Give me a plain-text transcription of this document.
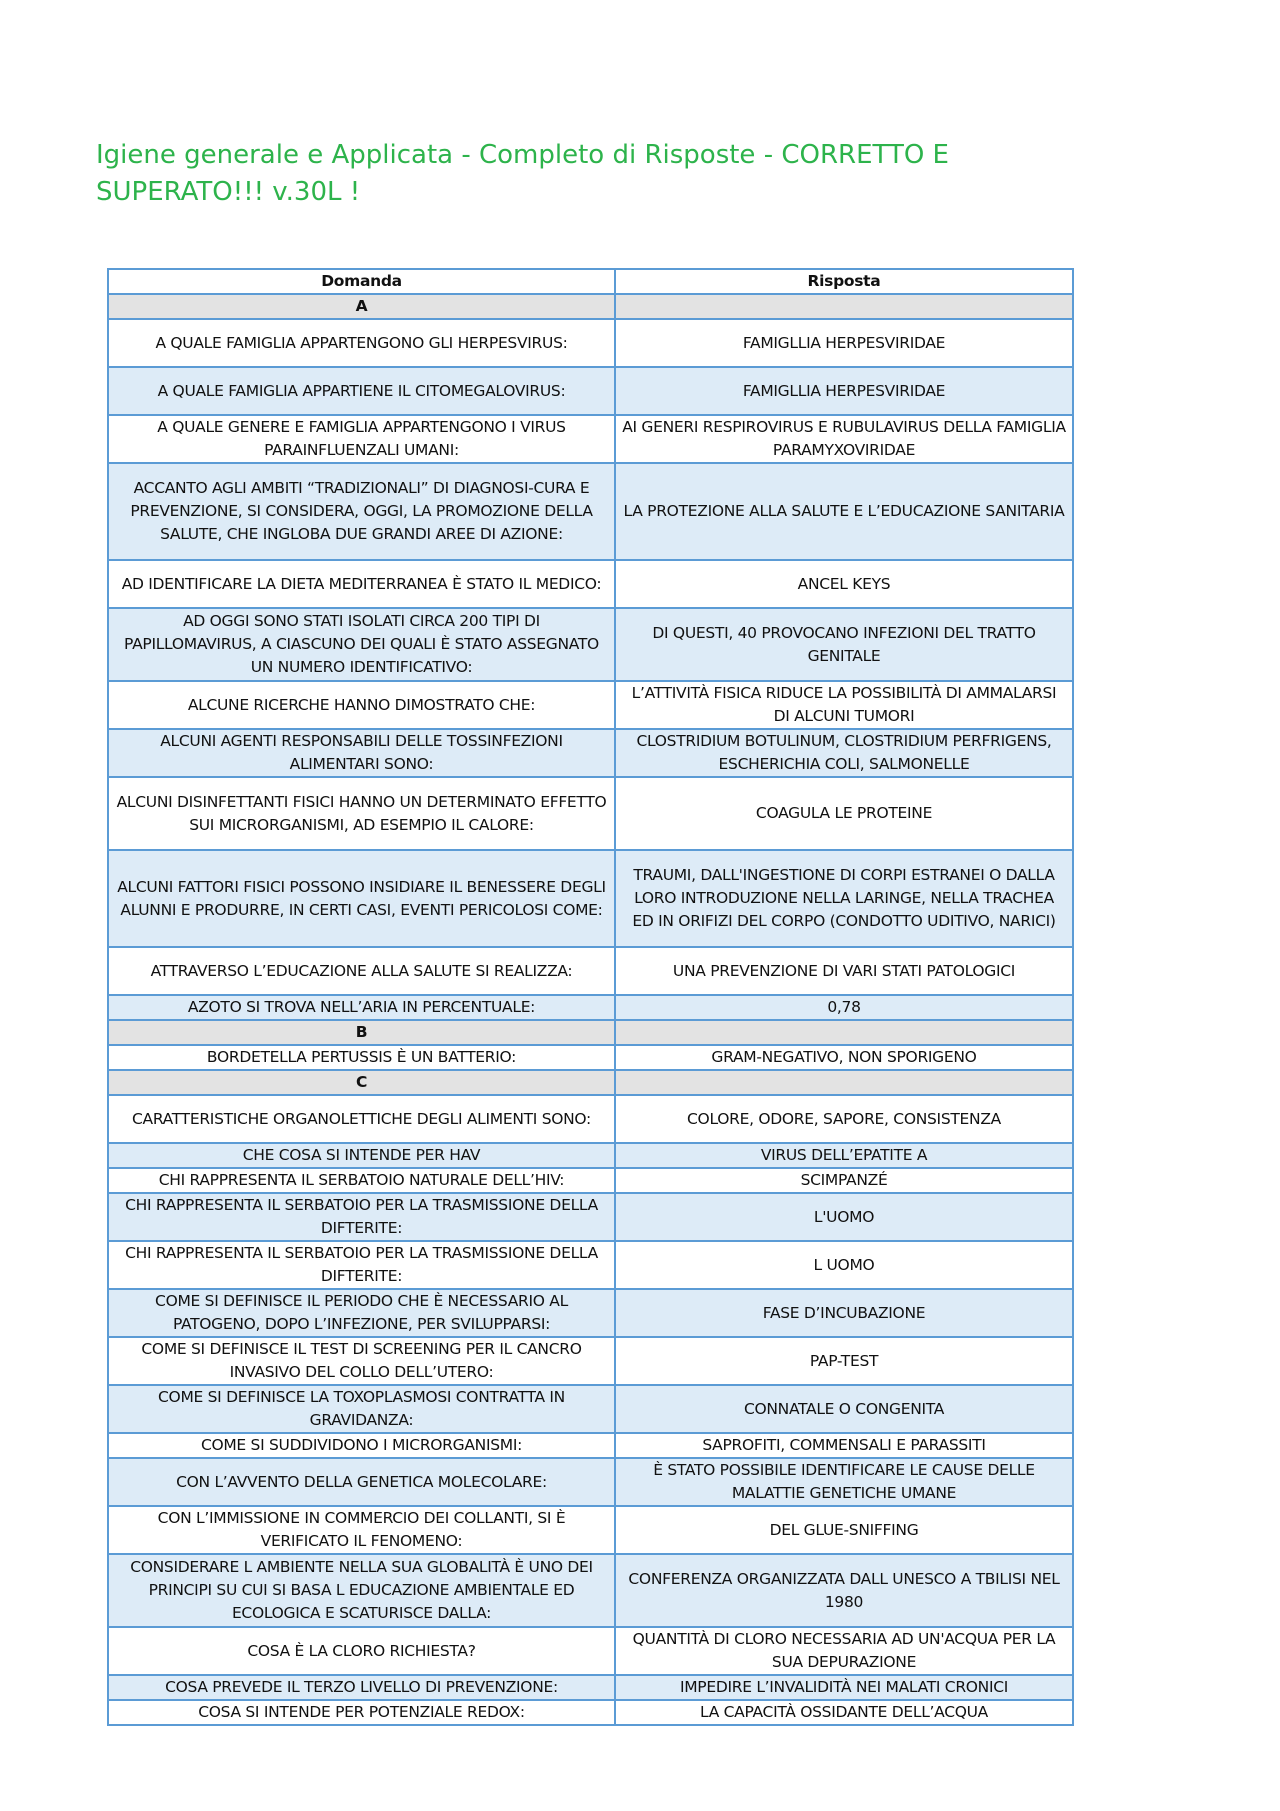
Igiene generale e Applicata - Completo di Risposte - CORRETTO E SUPERATO!!! v.30L !
Domanda	Risposta
A	
A QUALE FAMIGLIA APPARTENGONO GLI HERPESVIRUS:	FAMIGLLIA HERPESVIRIDAE
A QUALE FAMIGLIA APPARTIENE IL CITOMEGALOVIRUS:	FAMIGLLIA HERPESVIRIDAE
A QUALE GENERE E FAMIGLIA APPARTENGONO I VIRUS PARAINFLUENZALI UMANI:	AI GENERI RESPIROVIRUS E RUBULAVIRUS DELLA FAMIGLIA PARAMYXOVIRIDAE
ACCANTO AGLI AMBITI “TRADIZIONALI” DI DIAGNOSI-CURA E PREVENZIONE, SI CONSIDERA, OGGI, LA PROMOZIONE DELLA SALUTE, CHE INGLOBA DUE GRANDI AREE DI AZIONE:	LA PROTEZIONE ALLA SALUTE E L’EDUCAZIONE SANITARIA
AD IDENTIFICARE LA DIETA MEDITERRANEA È STATO IL MEDICO:	ANCEL KEYS
AD OGGI SONO STATI ISOLATI CIRCA 200 TIPI DI PAPILLOMAVIRUS, A CIASCUNO DEI QUALI È STATO ASSEGNATO UN NUMERO IDENTIFICATIVO:	DI QUESTI, 40 PROVOCANO INFEZIONI DEL TRATTO GENITALE
ALCUNE RICERCHE HANNO DIMOSTRATO CHE:	L’ATTIVITÀ FISICA RIDUCE LA POSSIBILITÀ DI AMMALARSI DI ALCUNI TUMORI
ALCUNI AGENTI RESPONSABILI DELLE TOSSINFEZIONI ALIMENTARI SONO:	CLOSTRIDIUM BOTULINUM, CLOSTRIDIUM PERFRIGENS, ESCHERICHIA COLI, SALMONELLE
ALCUNI DISINFETTANTI FISICI HANNO UN DETERMINATO EFFETTO SUI MICRORGANISMI, AD ESEMPIO IL CALORE:	COAGULA LE PROTEINE
ALCUNI FATTORI FISICI POSSONO INSIDIARE IL BENESSERE DEGLI ALUNNI E PRODURRE, IN CERTI CASI, EVENTI PERICOLOSI COME:	TRAUMI, DALL'INGESTIONE DI CORPI ESTRANEI O DALLA LORO INTRODUZIONE NELLA LARINGE, NELLA TRACHEA ED IN ORIFIZI DEL CORPO (CONDOTTO UDITIVO, NARICI)
ATTRAVERSO L’EDUCAZIONE ALLA SALUTE SI REALIZZA:	UNA PREVENZIONE DI VARI STATI PATOLOGICI
AZOTO SI TROVA NELL’ARIA IN PERCENTUALE:	0,78
B	
BORDETELLA PERTUSSIS È UN BATTERIO:	GRAM-NEGATIVO, NON SPORIGENO
C	
CARATTERISTICHE ORGANOLETTICHE DEGLI ALIMENTI SONO:	COLORE, ODORE, SAPORE, CONSISTENZA
CHE COSA SI INTENDE PER HAV	VIRUS DELL’EPATITE A
CHI RAPPRESENTA IL SERBATOIO NATURALE DELL’HIV:	SCIMPANZÉ
CHI RAPPRESENTA IL SERBATOIO PER LA TRASMISSIONE DELLA DIFTERITE:	L'UOMO
CHI RAPPRESENTA IL SERBATOIO PER LA TRASMISSIONE DELLA DIFTERITE:	L UOMO
COME SI DEFINISCE IL PERIODO CHE È NECESSARIO AL PATOGENO, DOPO L’INFEZIONE, PER SVILUPPARSI:	FASE D’INCUBAZIONE
COME SI DEFINISCE IL TEST DI SCREENING PER IL CANCRO INVASIVO DEL COLLO DELL’UTERO:	PAP-TEST
COME SI DEFINISCE LA TOXOPLASMOSI CONTRATTA IN GRAVIDANZA:	CONNATALE O CONGENITA
COME SI SUDDIVIDONO I MICRORGANISMI:	SAPROFITI, COMMENSALI E PARASSITI
CON L’AVVENTO DELLA GENETICA MOLECOLARE:	È STATO POSSIBILE IDENTIFICARE LE CAUSE DELLE MALATTIE GENETICHE UMANE
CON L’IMMISSIONE IN COMMERCIO DEI COLLANTI, SI È VERIFICATO IL FENOMENO:	DEL GLUE-SNIFFING
CONSIDERARE L AMBIENTE NELLA SUA GLOBALITÀ È UNO DEI PRINCIPI SU CUI SI BASA L EDUCAZIONE AMBIENTALE ED ECOLOGICA E SCATURISCE DALLA:	CONFERENZA ORGANIZZATA DALL UNESCO A TBILISI NEL 1980
COSA È LA CLORO RICHIESTA?	QUANTITÀ DI CLORO NECESSARIA AD UN'ACQUA PER LA SUA DEPURAZIONE
COSA PREVEDE IL TERZO LIVELLO DI PREVENZIONE:	IMPEDIRE L’INVALIDITÀ NEI MALATI CRONICI
COSA SI INTENDE PER POTENZIALE REDOX:	LA CAPACITÀ OSSIDANTE DELL’ACQUA
